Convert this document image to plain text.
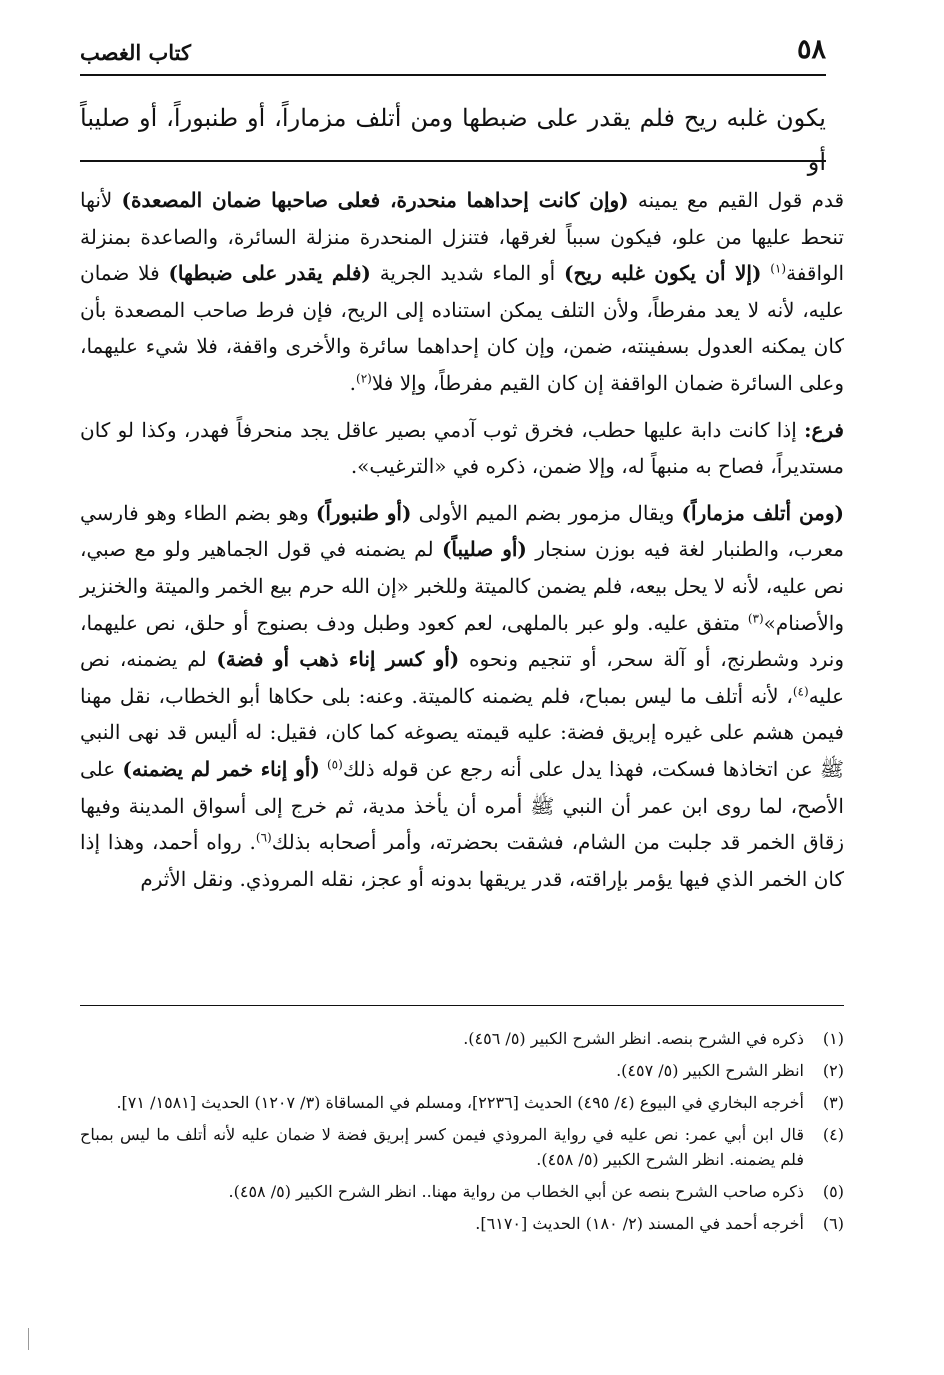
٥٨
كتاب الغصب
يكون غلبه ريح فلم يقدر على ضبطها ومن أتلف مزماراً، أو طنبوراً، أو صليباً أو

قدم قول القيم مع يمينه (وإن كانت إحداهما منحدرة، فعلى صاحبها ضمان المصعدة) لأنها تنحط عليها من علو، فيكون سبباً لغرقها، فتنزل المنحدرة منزلة السائرة، والصاعدة بمنزلة الواقفة$^{(١)}$ (إلا أن يكون غلبه ريح) أو الماء شديد الجرية (فلم يقدر على ضبطها) فلا ضمان عليه، لأنه لا يعد مفرطاً، ولأن التلف يمكن استناده إلى الريح، فإن فرط صاحب المصعدة بأن كان يمكنه العدول بسفينته، ضمن، وإن كان إحداهما سائرة والأخرى واقفة، فلا شيء عليهما، وعلى السائرة ضمان الواقفة إن كان القيم مفرطاً، وإلا فلا$^{(٢)}$.

فرع: إذا كانت دابة عليها حطب، فخرق ثوب آدمي بصير عاقل يجد منحرفاً فهدر، وكذا لو كان مستديراً، فصاح به منبهاً له، وإلا ضمن، ذكره في «الترغيب».

(ومن أتلف مزماراً) ويقال مزمور بضم الميم الأولى (أو طنبوراً) وهو بضم الطاء وهو فارسي معرب، والطنبار لغة فيه بوزن سنجار (أو صليباً) لم يضمنه في قول الجماهير ولو مع صبي، نص عليه، لأنه لا يحل بيعه، فلم يضمن كالميتة وللخبر «إن الله حرم بيع الخمر والميتة والخنزير والأصنام»$^{(٣)}$ متفق عليه. ولو عبر بالملهى، لعم كعود وطبل ودف بصنوج أو حلق، نص عليهما، ونرد وشطرنج، أو آلة سحر، أو تنجيم ونحوه (أو كسر إناء ذهب أو فضة) لم يضمنه، نص عليه$^{(٤)}$، لأنه أتلف ما ليس بمباح، فلم يضمنه كالميتة. وعنه: بلى حكاها أبو الخطاب، نقل مهنا فيمن هشم على غيره إبريق فضة: عليه قيمته يصوغه كما كان، فقيل: له أليس قد نهى النبي ﷺ عن اتخاذها فسكت، فهذا يدل على أنه رجع عن قوله ذلك$^{(٥)}$ (أو إناء خمر لم يضمنه) على الأصح، لما روى ابن عمر أن النبي ﷺ أمره أن يأخذ مدية، ثم خرج إلى أسواق المدينة وفيها زقاق الخمر قد جلبت من الشام، فشقت بحضرته، وأمر أصحابه بذلك$^{(٦)}$. رواه أحمد، وهذا إذا كان الخمر الذي فيها يؤمر بإراقته، قدر يريقها بدونه أو عجز، نقله المروذي. ونقل الأثرم

(١)
ذكره في الشرح بنصه. انظر الشرح الكبير (٥/ ٤٥٦).
(٢)
انظر الشرح الكبير (٥/ ٤٥٧).
(٣)
أخرجه البخاري في البيوع (٤/ ٤٩٥) الحديث [٢٢٣٦]، ومسلم في المساقاة (٣/ ١٢٠٧) الحديث [١٥٨١/ ٧١].
(٤)
قال ابن أبي عمر: نص عليه في رواية المروذي فيمن كسر إبريق فضة لا ضمان عليه لأنه أتلف ما ليس بمباح فلم يضمنه. انظر الشرح الكبير (٥/ ٤٥٨).
(٥)
ذكره صاحب الشرح بنصه عن أبي الخطاب من رواية مهنا.. انظر الشرح الكبير (٥/ ٤٥٨).
(٦)
أخرجه أحمد في المسند (٢/ ١٨٠) الحديث [٦١٧٠].
